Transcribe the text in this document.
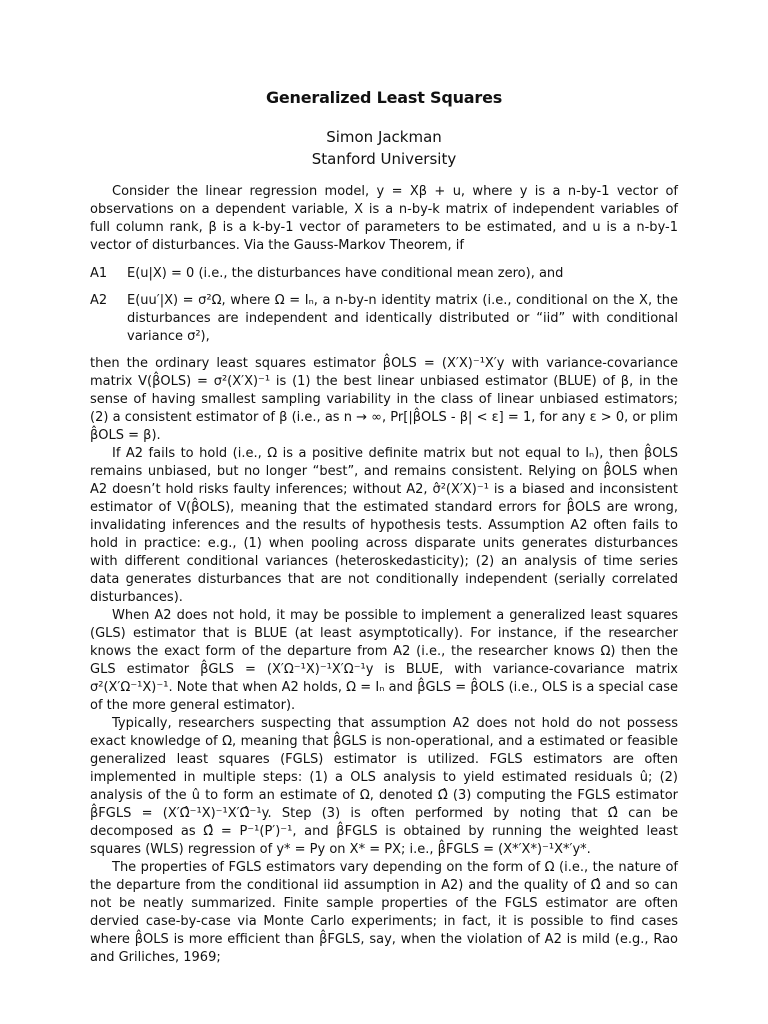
Generalized Least Squares
Simon Jackman
Stanford University

Consider the linear regression model, y = Xβ + u, where y is a n-by-1 vector of observations on a dependent variable, X is a n-by-k matrix of independent variables of full column rank, β is a k-by-1 vector of parameters to be estimated, and u is a n-by-1 vector of disturbances. Via the Gauss-Markov Theorem, if

A1 E(u|X) = 0 (i.e., the disturbances have conditional mean zero), and
A2 E(uu′|X) = σ²Ω, where Ω = Iₙ, a n-by-n identity matrix (i.e., conditional on the X, the disturbances are independent and identically distributed or “iid” with conditional variance σ²),

then the ordinary least squares estimator β̂OLS = (X′X)⁻¹X′y with variance-covariance matrix V(β̂OLS) = σ²(X′X)⁻¹ is (1) the best linear unbiased estimator (BLUE) of β, in the sense of having smallest sampling variability in the class of linear unbiased estimators; (2) a consistent estimator of β (i.e., as n → ∞, Pr[|β̂OLS - β| < ε] = 1, for any ε > 0, or plim β̂OLS = β).

If A2 fails to hold (i.e., Ω is a positive definite matrix but not equal to Iₙ), then β̂OLS remains unbiased, but no longer “best”, and remains consistent. Relying on β̂OLS when A2 doesn’t hold risks faulty inferences; without A2, σ̂²(X′X)⁻¹ is a biased and inconsistent estimator of V(β̂OLS), meaning that the estimated standard errors for β̂OLS are wrong, invalidating inferences and the results of hypothesis tests. Assumption A2 often fails to hold in practice: e.g., (1) when pooling across disparate units generates disturbances with different conditional variances (heteroskedasticity); (2) an analysis of time series data generates disturbances that are not conditionally independent (serially correlated disturbances).

When A2 does not hold, it may be possible to implement a generalized least squares (GLS) estimator that is BLUE (at least asymptotically). For instance, if the researcher knows the exact form of the departure from A2 (i.e., the researcher knows Ω) then the GLS estimator β̂GLS = (X′Ω⁻¹X)⁻¹X′Ω⁻¹y is BLUE, with variance-covariance matrix σ²(X′Ω⁻¹X)⁻¹. Note that when A2 holds, Ω = Iₙ and β̂GLS = β̂OLS (i.e., OLS is a special case of the more general estimator).

Typically, researchers suspecting that assumption A2 does not hold do not possess exact knowledge of Ω, meaning that β̂GLS is non-operational, and a estimated or feasible generalized least squares (FGLS) estimator is utilized. FGLS estimators are often implemented in multiple steps: (1) a OLS analysis to yield estimated residuals û; (2) analysis of the û to form an estimate of Ω, denoted Ω̂ (3) computing the FGLS estimator β̂FGLS = (X′Ω̂⁻¹X)⁻¹X′Ω̂⁻¹y. Step (3) is often performed by noting that Ω̂ can be decomposed as Ω̂ = P⁻¹(P′)⁻¹, and β̂FGLS is obtained by running the weighted least squares (WLS) regression of y* = Py on X* = PX; i.e., β̂FGLS = (X*′X*)⁻¹X*′y*.

The properties of FGLS estimators vary depending on the form of Ω (i.e., the nature of the departure from the conditional iid assumption in A2) and the quality of Ω̂ and so can not be neatly summarized. Finite sample properties of the FGLS estimator are often dervied case-by-case via Monte Carlo experiments; in fact, it is possible to find cases where β̂OLS is more efficient than β̂FGLS, say, when the violation of A2 is mild (e.g., Rao and Griliches, 1969;
